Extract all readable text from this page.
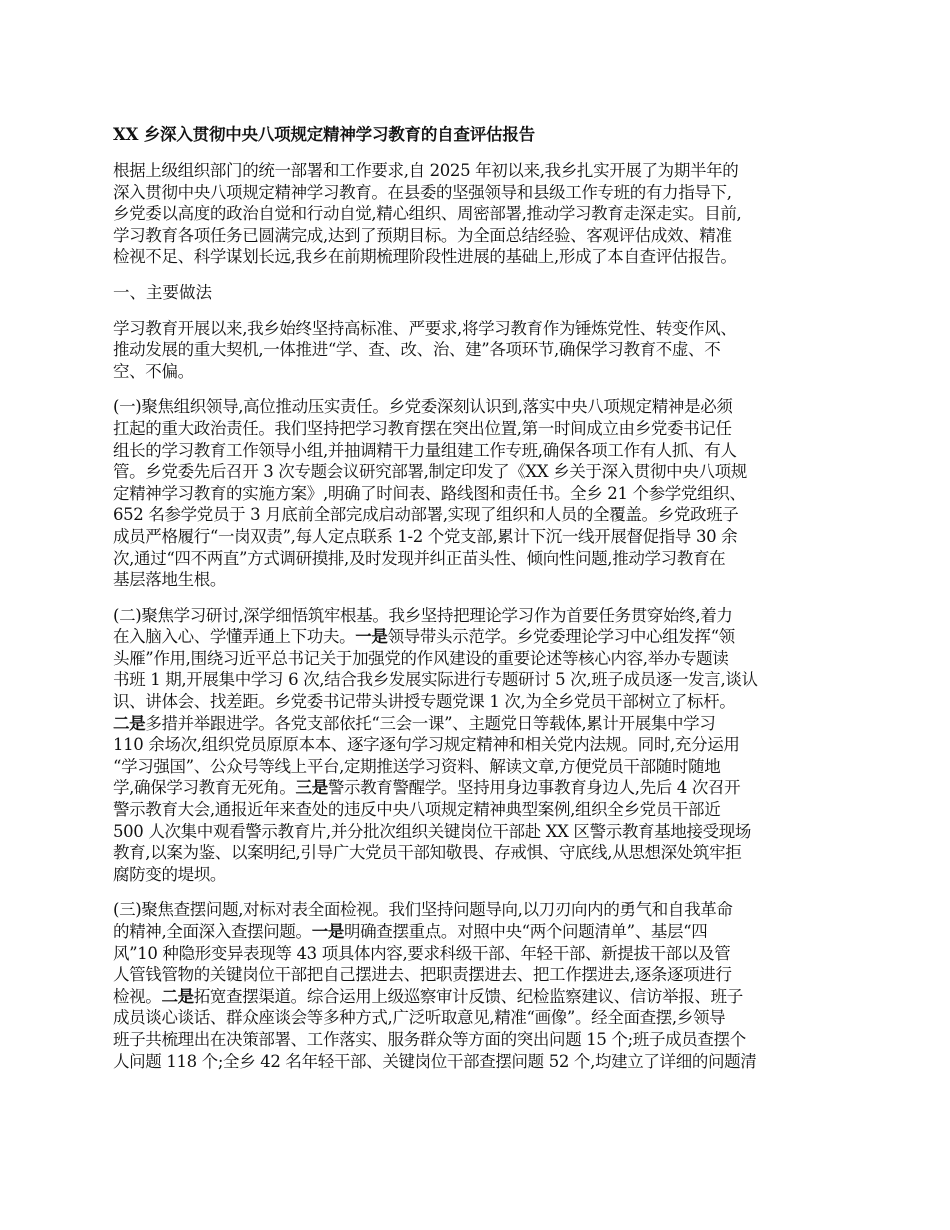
XX 乡深入贯彻中央八项规定精神学习教育的自查评估报告
根据上级组织部门的统一部署和工作要求,自 2025 年初以来,我乡扎实开展了为期半年的
深入贯彻中央八项规定精神学习教育。在县委的坚强领导和县级工作专班的有力指导下,
乡党委以高度的政治自觉和行动自觉,精心组织、周密部署,推动学习教育走深走实。目前,
学习教育各项任务已圆满完成,达到了预期目标。为全面总结经验、客观评估成效、精准
检视不足、科学谋划长远,我乡在前期梳理阶段性进展的基础上,形成了本自查评估报告。
一、主要做法
学习教育开展以来,我乡始终坚持高标准、严要求,将学习教育作为锤炼党性、转变作风、
推动发展的重大契机,一体推进“学、查、改、治、建”各项环节,确保学习教育不虚、不
空、不偏。
(一)聚焦组织领导,高位推动压实责任。乡党委深刻认识到,落实中央八项规定精神是必须
扛起的重大政治责任。我们坚持把学习教育摆在突出位置,第一时间成立由乡党委书记任
组长的学习教育工作领导小组,并抽调精干力量组建工作专班,确保各项工作有人抓、有人
管。乡党委先后召开 3 次专题会议研究部署,制定印发了《XX 乡关于深入贯彻中央八项规
定精神学习教育的实施方案》,明确了时间表、路线图和责任书。全乡 21 个参学党组织、
652 名参学党员于 3 月底前全部完成启动部署,实现了组织和人员的全覆盖。乡党政班子
成员严格履行“一岗双责”,每人定点联系 1-2 个党支部,累计下沉一线开展督促指导 30 余
次,通过“四不两直”方式调研摸排,及时发现并纠正苗头性、倾向性问题,推动学习教育在
基层落地生根。
(二)聚焦学习研讨,深学细悟筑牢根基。我乡坚持把理论学习作为首要任务贯穿始终,着力
在入脑入心、学懂弄通上下功夫。一是领导带头示范学。乡党委理论学习中心组发挥“领
头雁”作用,围绕习近平总书记关于加强党的作风建设的重要论述等核心内容,举办专题读
书班 1 期,开展集中学习 6 次,结合我乡发展实际进行专题研讨 5 次,班子成员逐一发言,谈认
识、讲体会、找差距。乡党委书记带头讲授专题党课 1 次,为全乡党员干部树立了标杆。
二是多措并举跟进学。各党支部依托“三会一课”、主题党日等载体,累计开展集中学习
110 余场次,组织党员原原本本、逐字逐句学习规定精神和相关党内法规。同时,充分运用
“学习强国”、公众号等线上平台,定期推送学习资料、解读文章,方便党员干部随时随地
学,确保学习教育无死角。三是警示教育警醒学。坚持用身边事教育身边人,先后 4 次召开
警示教育大会,通报近年来查处的违反中央八项规定精神典型案例,组织全乡党员干部近
500 人次集中观看警示教育片,并分批次组织关键岗位干部赴 XX 区警示教育基地接受现场
教育,以案为鉴、以案明纪,引导广大党员干部知敬畏、存戒惧、守底线,从思想深处筑牢拒
腐防变的堤坝。
(三)聚焦查摆问题,对标对表全面检视。我们坚持问题导向,以刀刃向内的勇气和自我革命
的精神,全面深入查摆问题。一是明确查摆重点。对照中央“两个问题清单”、基层“四
风”10 种隐形变异表现等 43 项具体内容,要求科级干部、年轻干部、新提拔干部以及管
人管钱管物的关键岗位干部把自己摆进去、把职责摆进去、把工作摆进去,逐条逐项进行
检视。二是拓宽查摆渠道。综合运用上级巡察审计反馈、纪检监察建议、信访举报、班子
成员谈心谈话、群众座谈会等多种方式,广泛听取意见,精准“画像”。经全面查摆,乡领导
班子共梳理出在决策部署、工作落实、服务群众等方面的突出问题 15 个;班子成员查摆个
人问题 118 个;全乡 42 名年轻干部、关键岗位干部查摆问题 52 个,均建立了详细的问题清
